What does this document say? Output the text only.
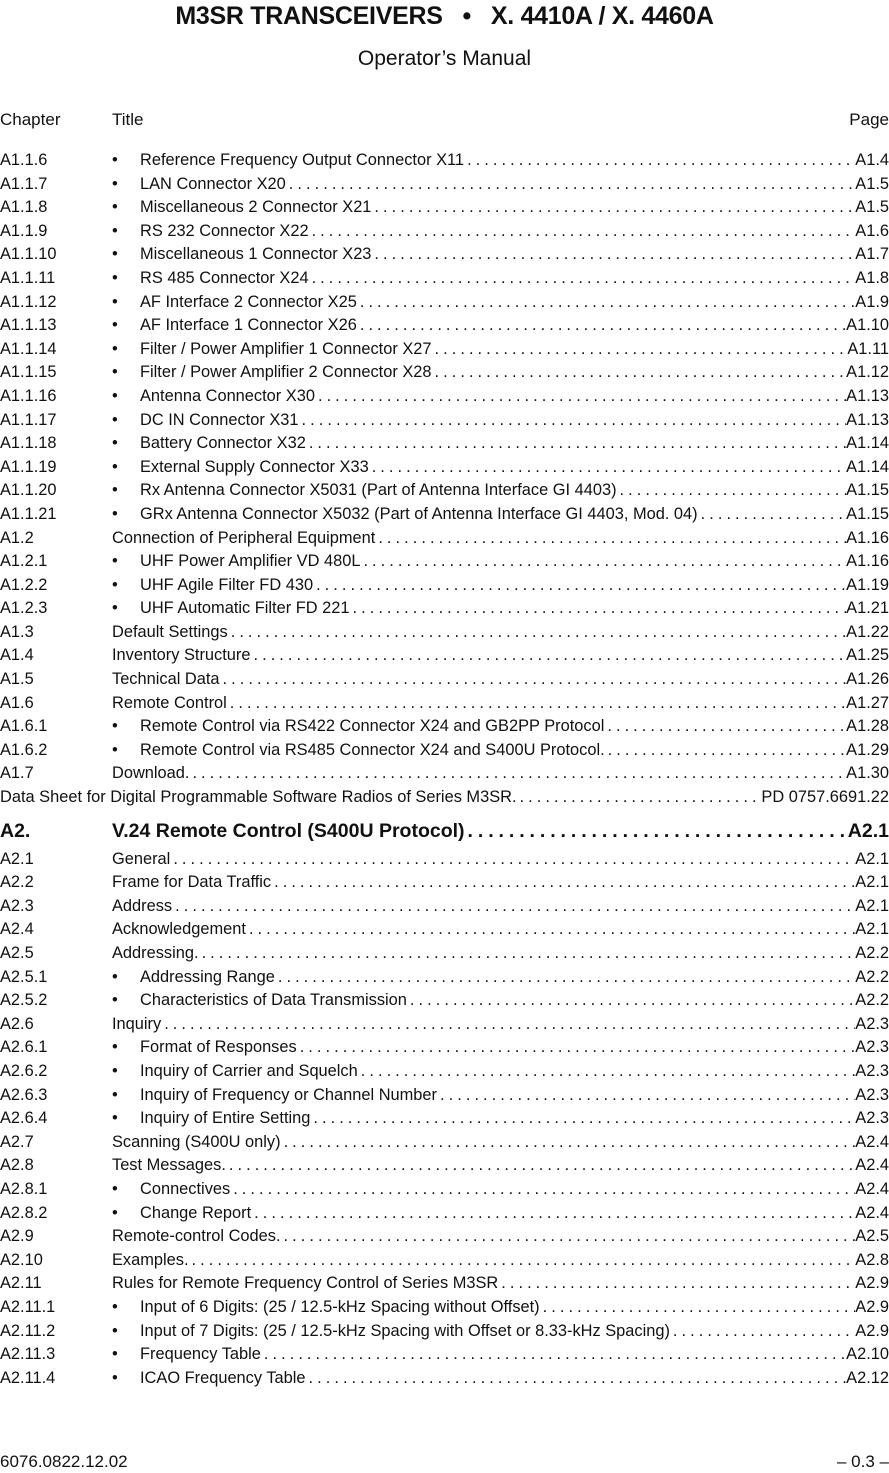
M3SR TRANSCEIVERS   •   X. 4410A / X. 4460A
Operator’s Manual
Chapter	Title	Page
A1.1.6	•	Reference Frequency Output Connector X11 . . .	A1.4
A1.1.7	•	LAN Connector X20 . . .	A1.5
A1.1.8	•	Miscellaneous 2 Connector X21 . . .	A1.5
A1.1.9	•	RS 232 Connector X22 . . .	A1.6
A1.1.10	•	Miscellaneous 1 Connector X23 . . .	A1.7
A1.1.11	•	RS 485 Connector X24 . . .	A1.8
A1.1.12	•	AF Interface 2 Connector X25 . . .	A1.9
A1.1.13	•	AF Interface 1 Connector X26 . . .	A1.10
A1.1.14	•	Filter / Power Amplifier 1 Connector X27 . . .	A1.11
A1.1.15	•	Filter / Power Amplifier 2 Connector X28 . . .	A1.12
A1.1.16	•	Antenna Connector X30 . . .	A1.13
A1.1.17	•	DC IN Connector X31 . . .	A1.13
A1.1.18	•	Battery Connector X32 . . .	A1.14
A1.1.19	•	External Supply Connector X33 . . .	A1.14
A1.1.20	•	Rx Antenna Connector X5031 (Part of Antenna Interface GI 4403) . . .	A1.15
A1.1.21	•	GRx Antenna Connector X5032 (Part of Antenna Interface GI 4403, Mod. 04) . . .	A1.15
A1.2	Connection of Peripheral Equipment . . .	A1.16
A1.2.1	•	UHF Power Amplifier VD 480L . . .	A1.16
A1.2.2	•	UHF Agile Filter FD 430 . . .	A1.19
A1.2.3	•	UHF Automatic Filter FD 221 . . .	A1.21
A1.3	Default Settings . . .	A1.22
A1.4	Inventory Structure . . .	A1.25
A1.5	Technical Data . . .	A1.26
A1.6	Remote Control . . .	A1.27
A1.6.1	•	Remote Control via RS422 Connector X24 and GB2PP Protocol . . .	A1.28
A1.6.2	•	Remote Control via RS485 Connector X24 and S400U Protocol. . . .	A1.29
A1.7	Download. . . .	A1.30
Data Sheet for Digital Programmable Software Radios of Series M3SR. . . .	PD 0757.6691.22
A2.	V.24 Remote Control (S400U Protocol) . . .	A2.1
A2.1	General . . .	A2.1
A2.2	Frame for Data Traffic . . .	A2.1
A2.3	Address . . .	A2.1
A2.4	Acknowledgement . . .	A2.1
A2.5	Addressing. . . .	A2.2
A2.5.1	•	Addressing Range . . .	A2.2
A2.5.2	•	Characteristics of Data Transmission . . .	A2.2
A2.6	Inquiry . . .	A2.3
A2.6.1	•	Format of Responses . . .	A2.3
A2.6.2	•	Inquiry of Carrier and Squelch . . .	A2.3
A2.6.3	•	Inquiry of Frequency or Channel Number . . .	A2.3
A2.6.4	•	Inquiry of Entire Setting . . .	A2.3
A2.7	Scanning (S400U only) . . .	A2.4
A2.8	Test Messages. . . .	A2.4
A2.8.1	•	Connectives . . .	A2.4
A2.8.2	•	Change Report . . .	A2.4
A2.9	Remote-control Codes. . . .	A2.5
A2.10	Examples. . . .	A2.8
A2.11	Rules for Remote Frequency Control of Series M3SR . . .	A2.9
A2.11.1	•	Input of 6 Digits: (25 / 12.5-kHz Spacing without Offset) . . .	A2.9
A2.11.2	•	Input of 7 Digits: (25 / 12.5-kHz Spacing with Offset or 8.33-kHz Spacing) . . .	A2.9
A2.11.3	•	Frequency Table . . .	A2.10
A2.11.4	•	ICAO Frequency Table . . .	A2.12
6076.0822.12.02	– 0.3 –
